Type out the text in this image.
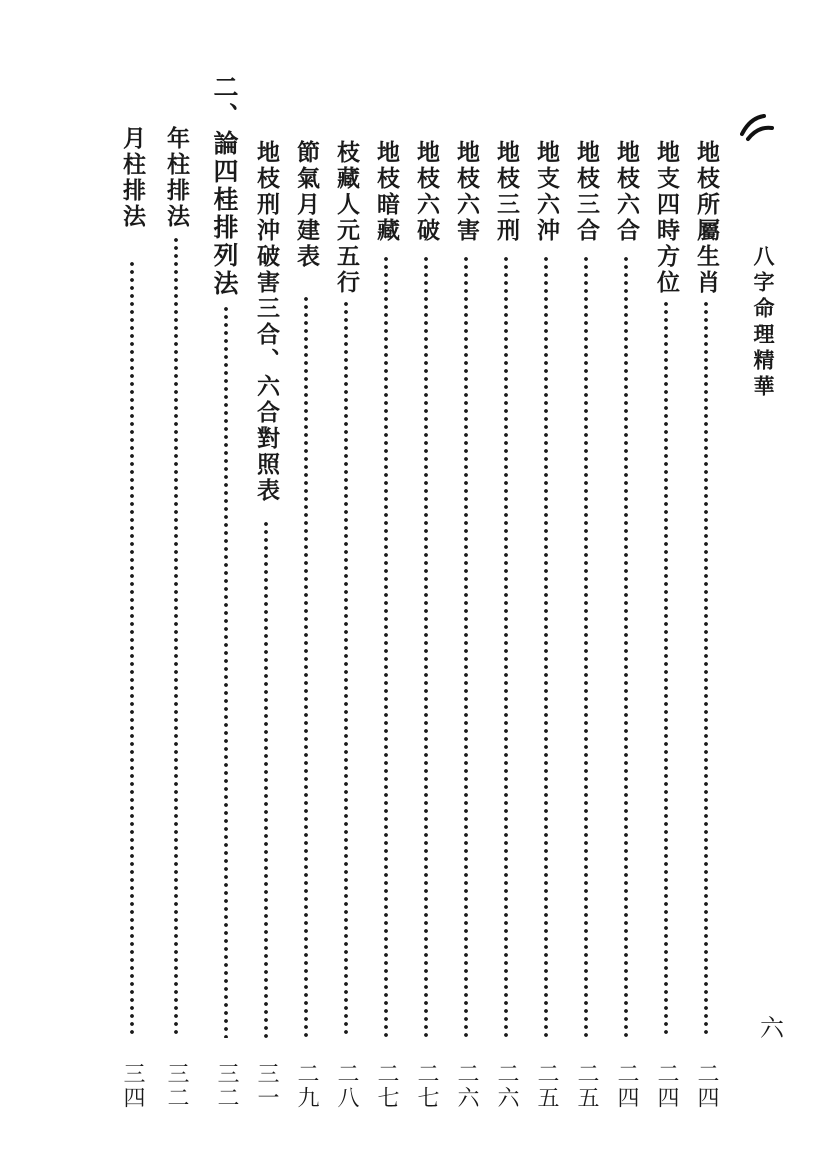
八字命理精華
六
地枝所屬生肖
二四
地支四時方位
二四
地枝六合
二四
地枝三合
二五
地支六沖
二五
地枝三刑
二六
地枝六害
二六
地枝六破
二七
地枝暗藏
二七
枝藏人元五行
二八
節氣月建表
二九
地枝刑沖破害三合、六合對照表
三一
二、論四桂排列法
三二
年柱排法
三二
月柱排法
三四
